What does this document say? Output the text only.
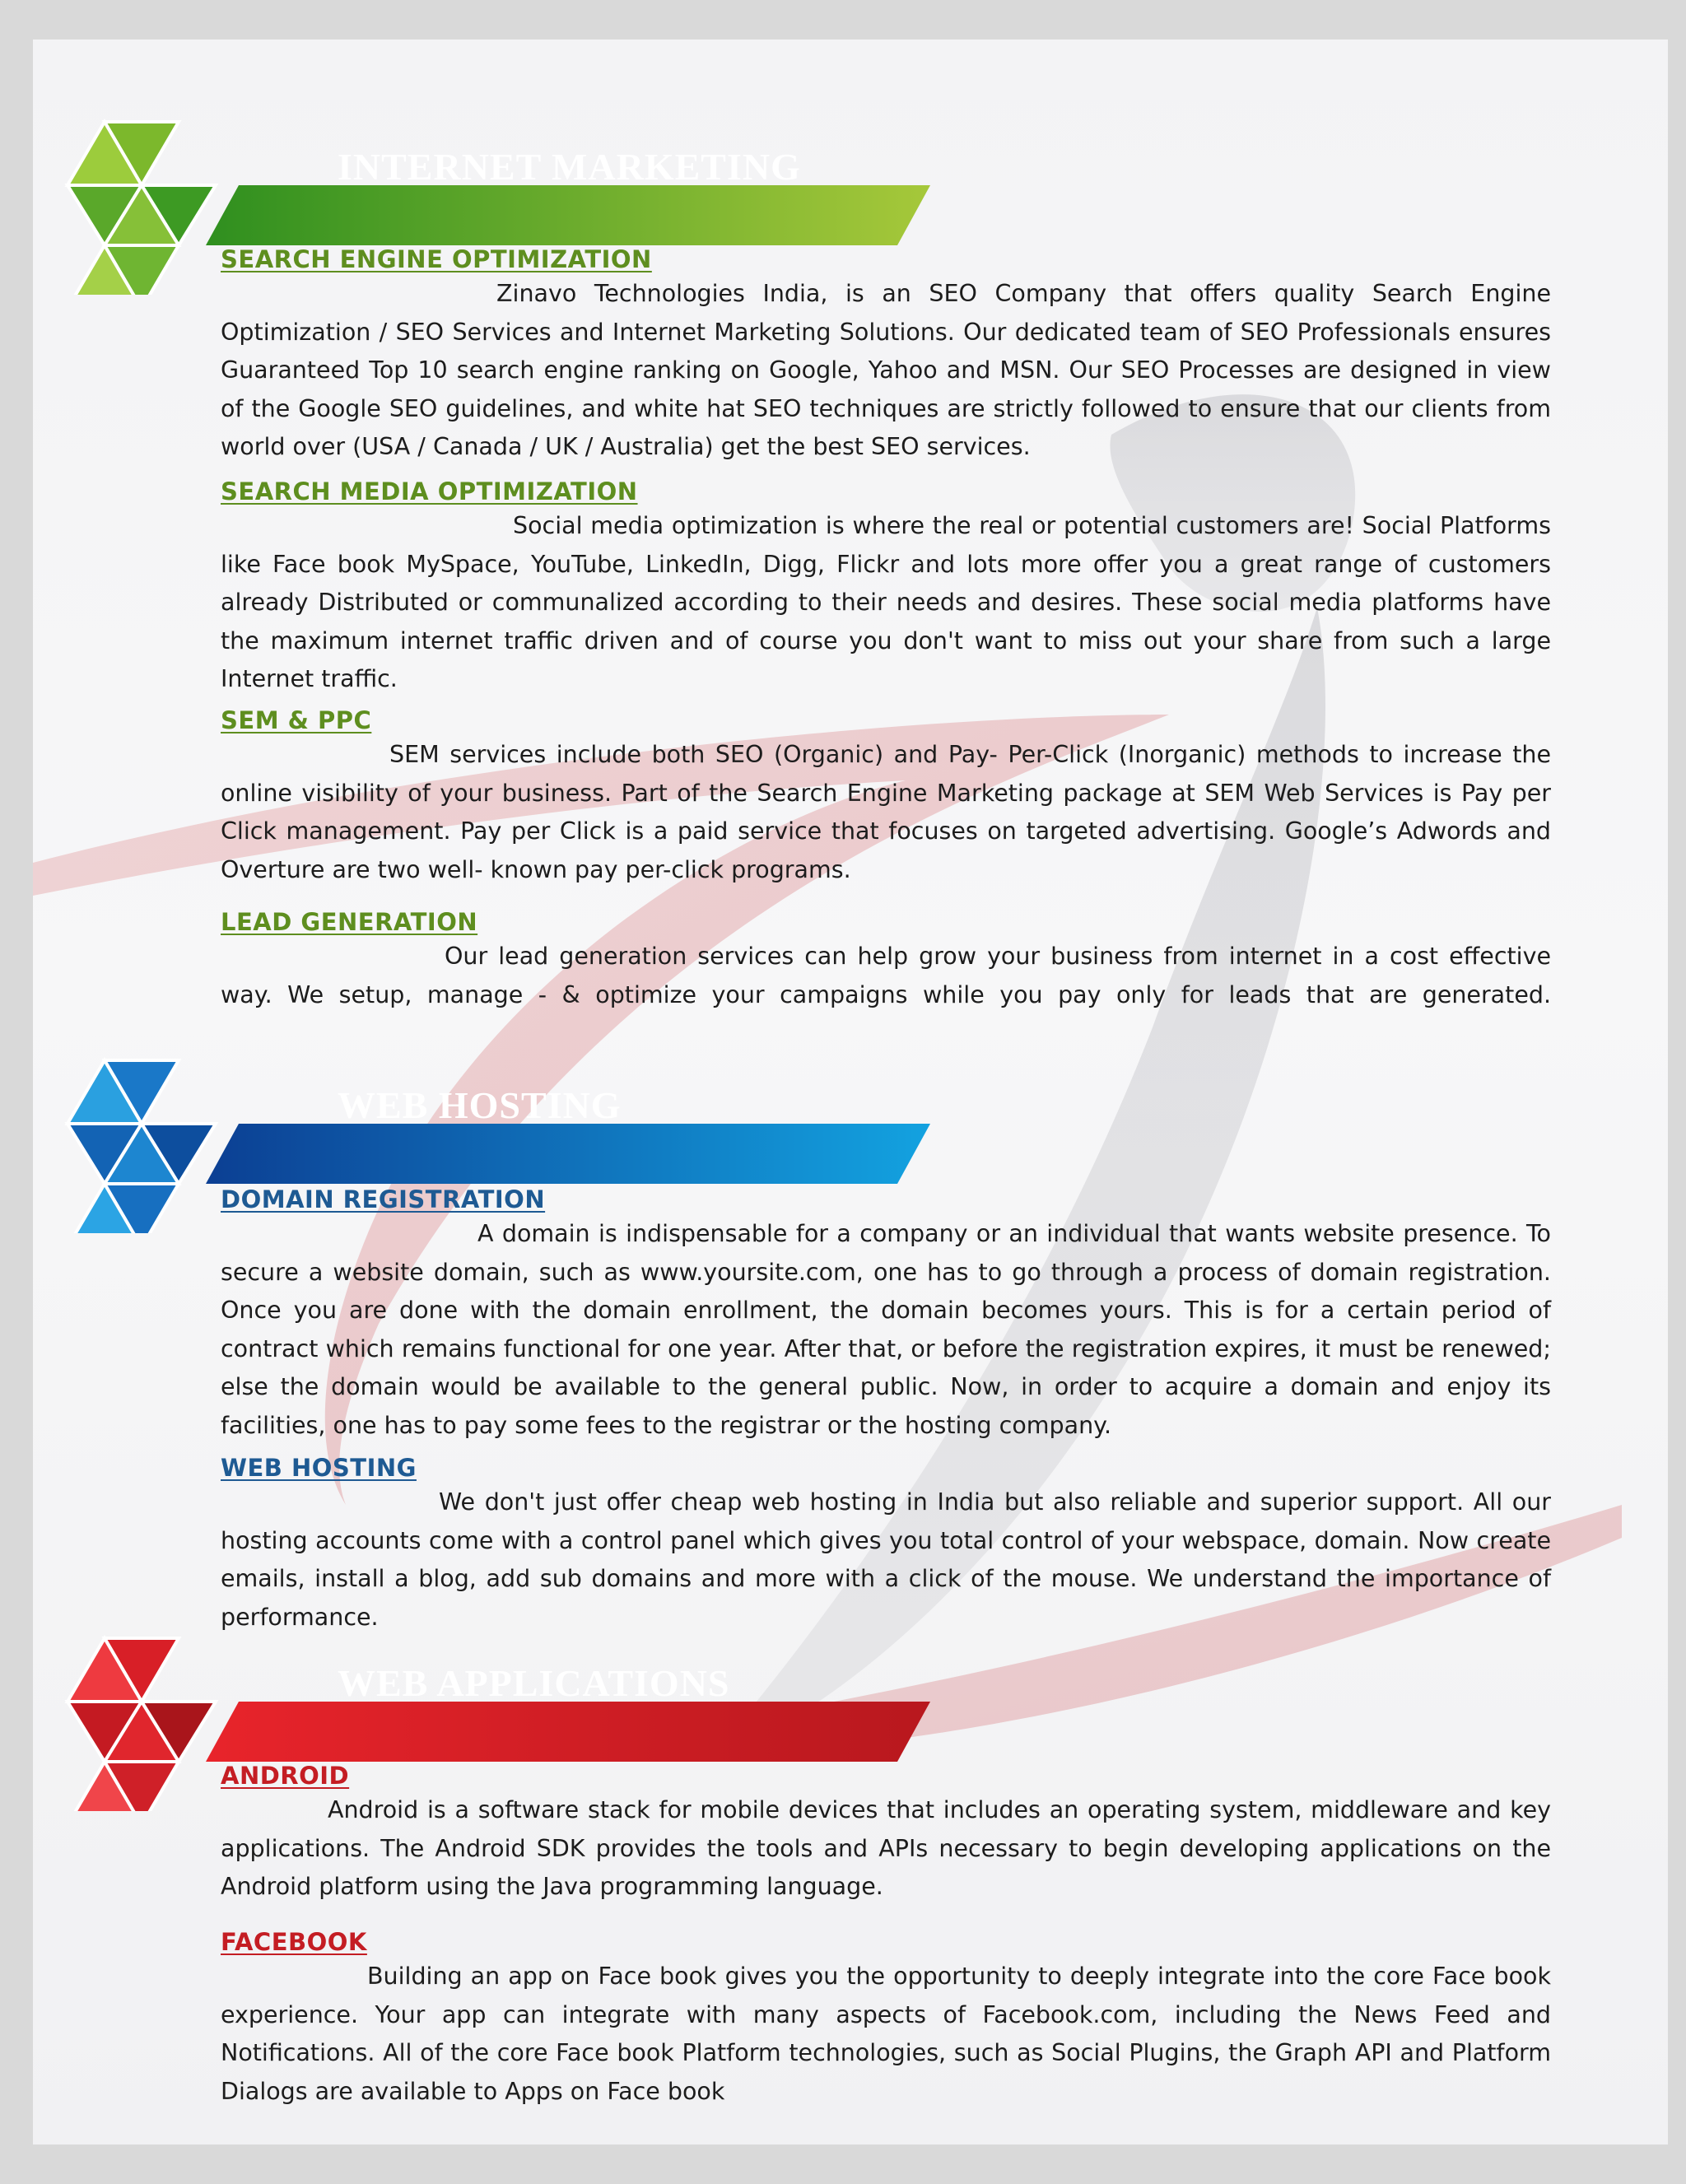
INTERNET MARKETING
SEARCH ENGINE OPTIMIZATION

Zinavo Technologies India, is an SEO Company that offers quality Search Engine Optimization / SEO Services and Internet Marketing Solutions. Our dedicated team of SEO Professionals ensures Guaranteed Top 10 search engine ranking on Google, Yahoo and MSN. Our SEO Processes are designed in view of the Google SEO guidelines, and white hat SEO techniques are strictly followed to ensure that our clients from world over (USA / Canada / UK / Australia) get the best SEO services.

SEARCH MEDIA OPTIMIZATION

Social media optimization is where the real or potential customers are! Social Platforms like Face book MySpace, YouTube, LinkedIn, Digg, Flickr and lots more offer you a great range of customers already Distributed or communalized according to their needs and desires. These social media platforms have the maximum internet traffic driven and of course you don't want to miss out your share from such a large Internet traffic.

SEM & PPC

SEM services include both SEO (Organic) and Pay- Per-Click (Inorganic) methods to increase the online visibility of your business. Part of the Search Engine Marketing package at SEM Web Services is Pay per Click management. Pay per Click is a paid service that focuses on targeted advertising. Google’s Adwords and Overture are two well- known pay per-click programs.

LEAD GENERATION

Our lead generation services can help grow your business from internet in a cost effective way. We setup, manage - & optimize your campaigns while you pay only for leads that are generated.

WEB HOSTING
DOMAIN REGISTRATION

A domain is indispensable for a company or an individual that wants website presence. To secure a website domain, such as www.yoursite.com, one has to go through a process of domain registration. Once you are done with the domain enrollment, the domain becomes yours. This is for a certain period of contract which remains functional for one year. After that, or before the registration expires, it must be renewed; else the domain would be available to the general public. Now, in order to acquire a domain and enjoy its facilities, one has to pay some fees to the registrar or the hosting company.

WEB HOSTING

We don't just offer cheap web hosting in India but also reliable and superior support. All our hosting accounts come with a control panel which gives you total control of your webspace, domain. Now create emails, install a blog, add sub domains and more with a click of the mouse. We understand the importance of performance.

WEB APPLICATIONS
ANDROID

Android is a software stack for mobile devices that includes an operating system, middleware and key applications. The Android SDK provides the tools and APIs necessary to begin developing applications on the Android platform using the Java programming language.

FACEBOOK

Building an app on Face book gives you the opportunity to deeply integrate into the core Face book experience. Your app can integrate with many aspects of Facebook.com, including the News Feed and Notifications. All of the core Face book Platform technologies, such as Social Plugins, the Graph API and Platform Dialogs are available to Apps on Face book
